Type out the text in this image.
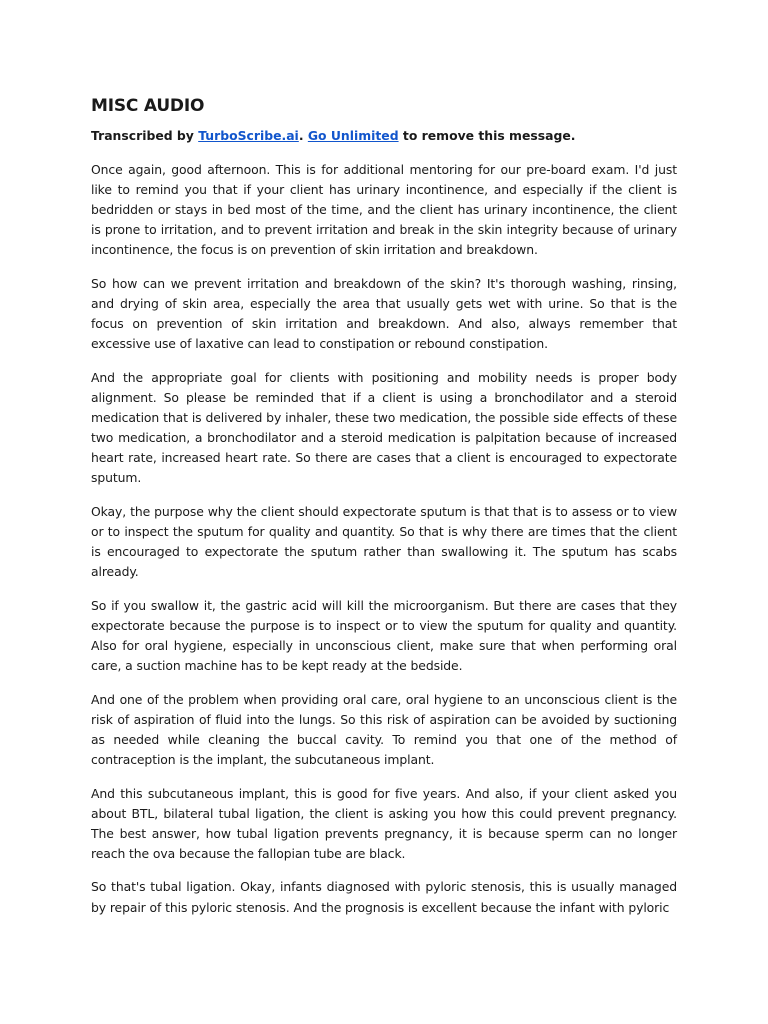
MISC AUDIO

Transcribed by TurboScribe.ai. Go Unlimited to remove this message.

Once again, good afternoon. This is for additional mentoring for our pre-board exam. I'd just like to remind you that if your client has urinary incontinence, and especially if the client is bedridden or stays in bed most of the time, and the client has urinary incontinence, the client is prone to irritation, and to prevent irritation and break in the skin integrity because of urinary incontinence, the focus is on prevention of skin irritation and breakdown.

So how can we prevent irritation and breakdown of the skin? It's thorough washing, rinsing, and drying of skin area, especially the area that usually gets wet with urine. So that is the focus on prevention of skin irritation and breakdown. And also, always remember that excessive use of laxative can lead to constipation or rebound constipation.

And the appropriate goal for clients with positioning and mobility needs is proper body alignment. So please be reminded that if a client is using a bronchodilator and a steroid medication that is delivered by inhaler, these two medication, the possible side effects of these two medication, a bronchodilator and a steroid medication is palpitation because of increased heart rate, increased heart rate. So there are cases that a client is encouraged to expectorate sputum.

Okay, the purpose why the client should expectorate sputum is that that is to assess or to view or to inspect the sputum for quality and quantity. So that is why there are times that the client is encouraged to expectorate the sputum rather than swallowing it. The sputum has scabs already.

So if you swallow it, the gastric acid will kill the microorganism. But there are cases that they expectorate because the purpose is to inspect or to view the sputum for quality and quantity. Also for oral hygiene, especially in unconscious client, make sure that when performing oral care, a suction machine has to be kept ready at the bedside.

And one of the problem when providing oral care, oral hygiene to an unconscious client is the risk of aspiration of fluid into the lungs. So this risk of aspiration can be avoided by suctioning as needed while cleaning the buccal cavity. To remind you that one of the method of contraception is the implant, the subcutaneous implant.

And this subcutaneous implant, this is good for five years. And also, if your client asked you about BTL, bilateral tubal ligation, the client is asking you how this could prevent pregnancy. The best answer, how tubal ligation prevents pregnancy, it is because sperm can no longer reach the ova because the fallopian tube are black.

So that's tubal ligation. Okay, infants diagnosed with pyloric stenosis, this is usually managed by repair of this pyloric stenosis. And the prognosis is excellent because the infant with pyloric
